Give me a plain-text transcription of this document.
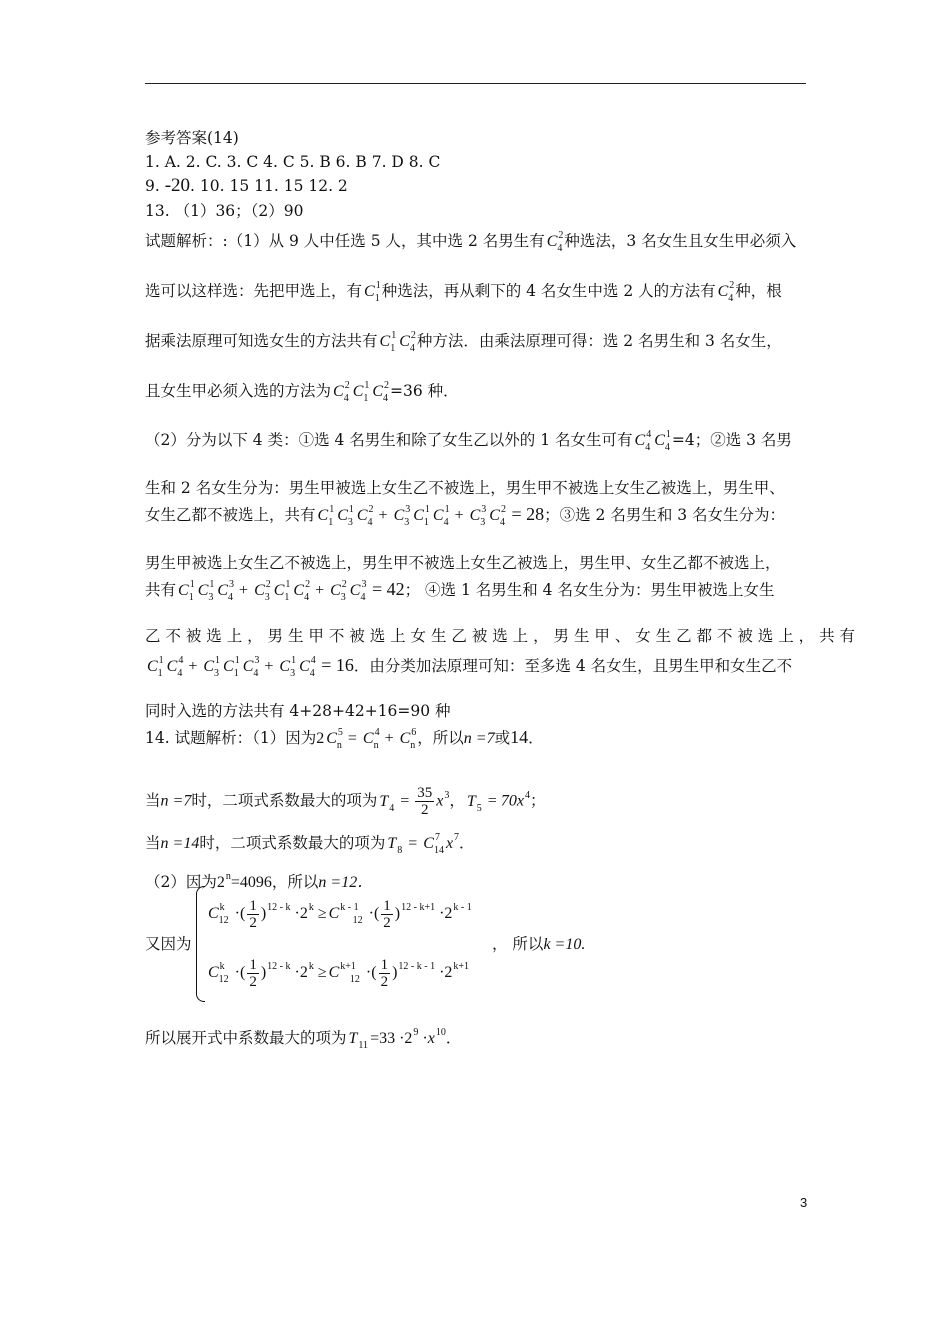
参考答案(14)
1. A. 2. C. 3. C 4. C 5. B 6. B 7. D 8. C
9. -20. 10. 15 11. 15 12. 2
13. （1）36；（2）90
试题解析：:（1）从 9 人中任选 5 人，其中选 2 名男生有 $C^2_4$ 种选法，3 名女生且女生甲必须入
选可以这样选：先把甲选上，有 $C^1_1$ 种选法，再从剩下的 4 名女生中选 2 人的方法有 $C^2_4$ 种，根
据乘法原理可知选女生的方法共有 $C^1_1$ $C^2_4$ 种方法．由乘法原理可得：选 2 名男生和 3 名女生，
且女生甲必须入选的方法为 $C^2_4$ $C^1_1$ $C^2_4 =36$ 种．
（2）分为以下 4 类：①选 4 名男生和除了女生乙以外的 1 名女生可有 $C^4_4$ $C^1_4 =4$；②选 3 名男
生和 2 名女生分为：男生甲被选上女生乙不被选上，男生甲不被选上女生乙被选上，男生甲、
女生乙都不被选上，共有 $C^1_1$ $C^1_3$ $C^2_4 + C^3_3$ $C^1_1$ $C^1_4 + C^3_3$ $C^2_4 = 28$；③选 2 名男生和 3 名女生分为：
男生甲被选上女生乙不被选上，男生甲不被选上女生乙被选上，男生甲、女生乙都不被选上，
共有 $C^1_1$ $C^1_3$ $C^3_4 + C^2_3$ $C^1_1$ $C^2_4 + C^2_3$ $C^3_4 = 42$； ④选 1 名男生和 4 名女生分为：男生甲被选上女生
乙 不 被 选 上 ， 男 生 甲 不 被 选 上 女 生 乙 被 选 上 ， 男 生 甲 、 女 生 乙 都 不 被 选 上 ， 共 有
$C^1_1$ $C^4_4 + C^1_3$ $C^1_1$ $C^3_4 + C^1_3$ $C^4_4 = 16$．由分类加法原理可知：至多选 4 名女生，且男生甲和女生乙不
同时入选的方法共有 4+28+42+16=90 种
14. 试题解析：（1）因为2 $C^5_n = C^4_n + C^6_n$ ，所以n =7或14．
当n =7时，二项式系数最大的项为 $T_4 = \frac{35}{2} x^3$， $T_5 = 70x^4$；
当n =14时，二项式系数最大的项为 $T_8 = C^7_{14}$ $x^7$．
（2）因为$2^n=4096$，所以n =12．
又因为
$C^k_{12}$ ·( $\frac{1}{2} )^{12 - k} \cdot 2^k \ge C^{k - 1}_{12}$ ·( $\frac{1}{2} )^{12 - k+1} \cdot 2^{k - 1}$
$C^k_{12}$ ·( $\frac{1}{2} )^{12 - k} \cdot 2^k \ge C^{k+1}_{12}$ ·( $\frac{1}{2} )^{12 - k - 1} \cdot 2^{k+1}$
， 所以k =10.
所以展开式中系数最大的项为 $T_{11} =33 \cdot 2^9 \cdot x^{10}$．
3
